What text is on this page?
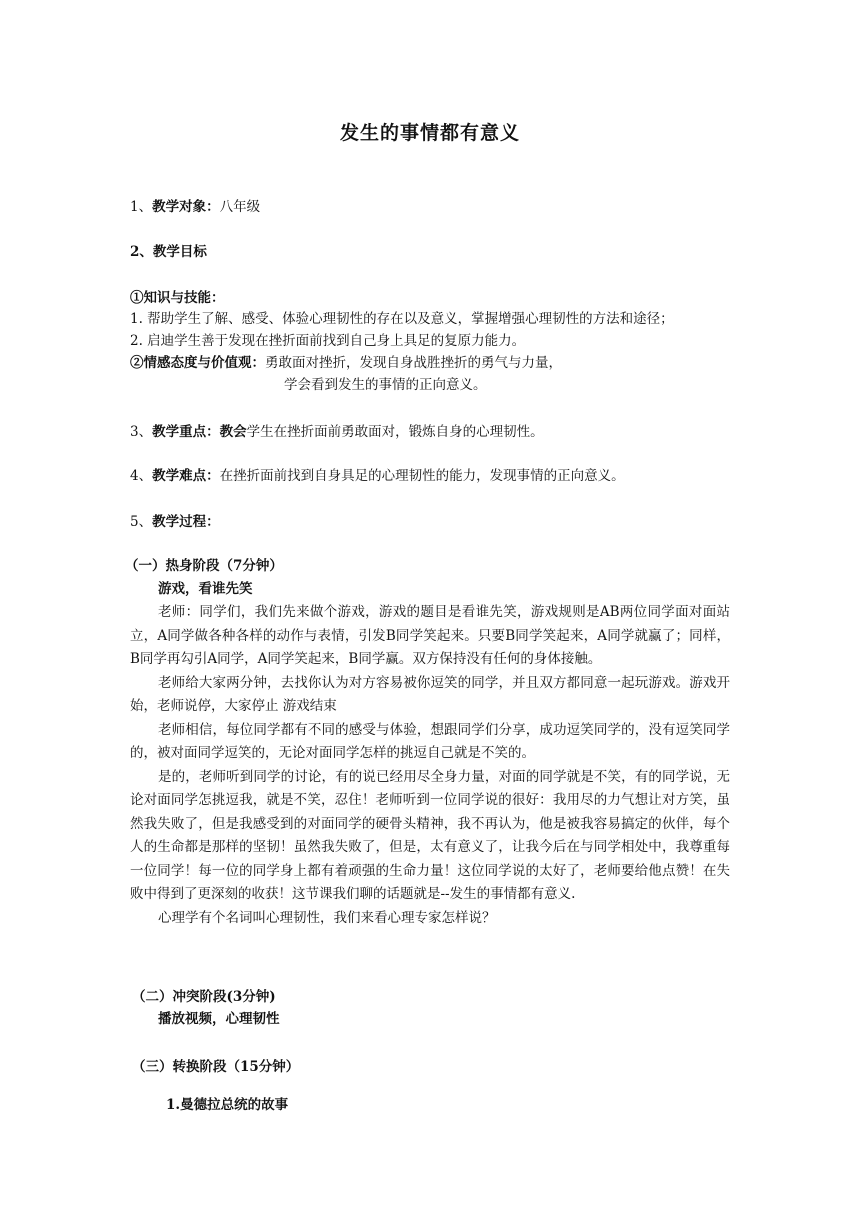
发生的事情都有意义
1、教学对象：八年级
2、教学目标
①知识与技能：
1. 帮助学生了解、感受、体验心理韧性的存在以及意义，掌握增强心理韧性的方法和途径；
2. 启迪学生善于发现在挫折面前找到自己身上具足的复原力能力。
②情感态度与价值观：勇敢面对挫折，发现自身战胜挫折的勇气与力量，
学会看到发生的事情的正向意义。
3、教学重点：教会学生在挫折面前勇敢面对，锻炼自身的心理韧性。
4、教学难点：在挫折面前找到自身具足的心理韧性的能力，发现事情的正向意义。
5、教学过程：
（一）热身阶段（7分钟）
游戏，看谁先笑
老师：同学们，我们先来做个游戏，游戏的题目是看谁先笑，游戏规则是AB两位同学面对面站立，A同学做各种各样的动作与表情，引发B同学笑起来。只要B同学笑起来，A同学就赢了；同样，B同学再勾引A同学，A同学笑起来，B同学赢。双方保持没有任何的身体接触。
老师给大家两分钟，去找你认为对方容易被你逗笑的同学，并且双方都同意一起玩游戏。游戏开始，老师说停，大家停止 游戏结束
老师相信，每位同学都有不同的感受与体验，想跟同学们分享，成功逗笑同学的，没有逗笑同学的，被对面同学逗笑的，无论对面同学怎样的挑逗自己就是不笑的。
是的，老师听到同学的讨论，有的说已经用尽全身力量，对面的同学就是不笑，有的同学说，无论对面同学怎挑逗我，就是不笑，忍住！老师听到一位同学说的很好：我用尽的力气想让对方笑，虽然我失败了，但是我感受到的对面同学的硬骨头精神，我不再认为，他是被我容易搞定的伙伴，每个人的生命都是那样的坚韧！虽然我失败了，但是，太有意义了，让我今后在与同学相处中，我尊重每一位同学！每一位的同学身上都有着顽强的生命力量！这位同学说的太好了，老师要给他点赞！在失败中得到了更深刻的收获！这节课我们聊的话题就是--发生的事情都有意义.
心理学有个名词叫心理韧性，我们来看心理专家怎样说？
（二）冲突阶段(3分钟)
播放视频，心理韧性
（三）转换阶段（15分钟）
1.曼德拉总统的故事
